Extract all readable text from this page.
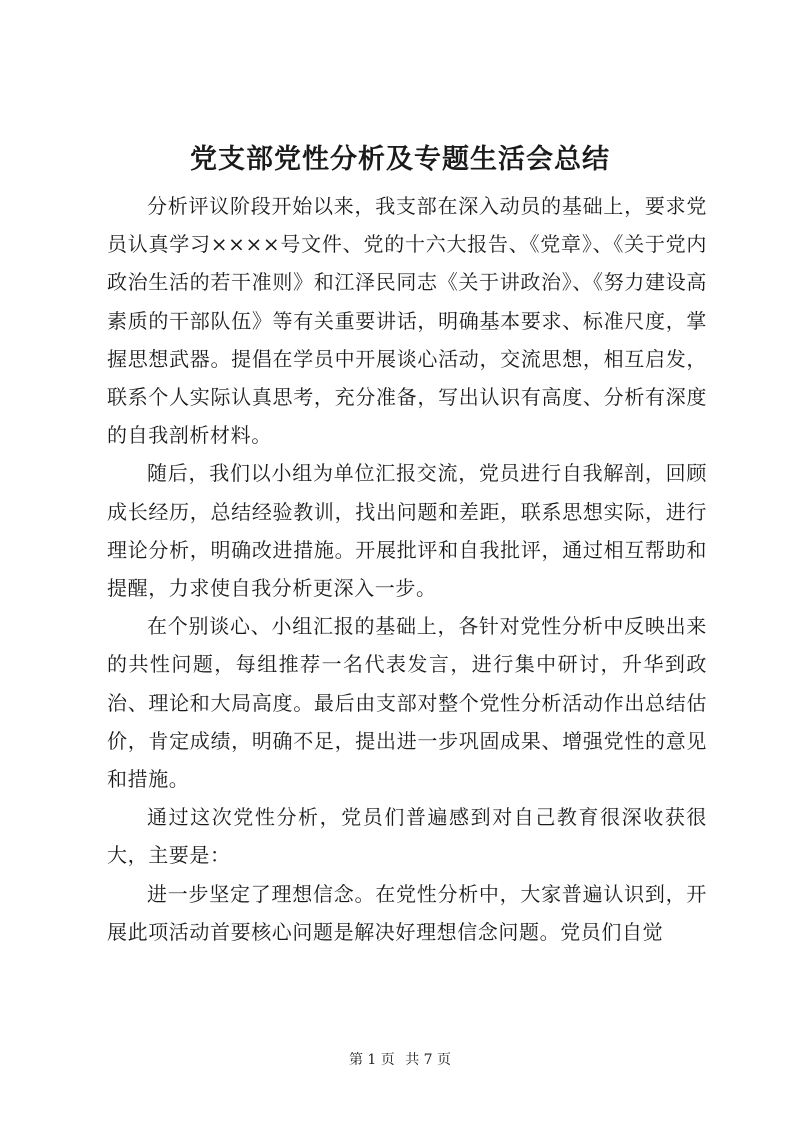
党支部党性分析及专题生活会总结

分析评议阶段开始以来，我支部在深入动员的基础上，要求党员认真学习××××号文件、党的十六大报告、《党章》、《关于党内政治生活的若干准则》和江泽民同志《关于讲政治》、《努力建设高素质的干部队伍》等有关重要讲话，明确基本要求、标准尺度，掌握思想武器。提倡在学员中开展谈心活动，交流思想，相互启发，联系个人实际认真思考，充分准备，写出认识有高度、分析有深度的自我剖析材料。

随后，我们以小组为单位汇报交流，党员进行自我解剖，回顾成长经历，总结经验教训，找出问题和差距，联系思想实际，进行理论分析，明确改进措施。开展批评和自我批评，通过相互帮助和提醒，力求使自我分析更深入一步。

在个别谈心、小组汇报的基础上，各针对党性分析中反映出来的共性问题，每组推荐一名代表发言，进行集中研讨，升华到政治、理论和大局高度。最后由支部对整个党性分析活动作出总结估价，肯定成绩，明确不足，提出进一步巩固成果、增强党性的意见和措施。

通过这次党性分析，党员们普遍感到对自己教育很深收获很大，主要是：

进一步坚定了理想信念。在党性分析中，大家普遍认识到，开展此项活动首要核心问题是解决好理想信念问题。党员们自觉

第 1 页 共 7 页
